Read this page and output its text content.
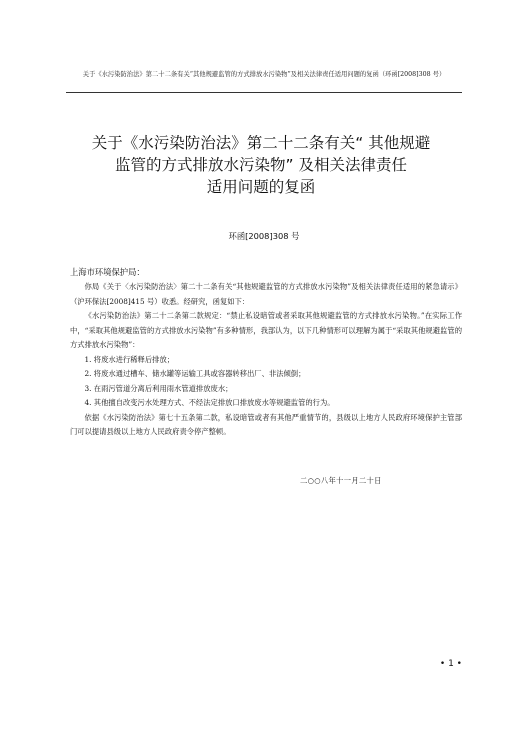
关于《水污染防治法》第二十二条有关“其他规避监管的方式排放水污染物”及相关法律责任适用问题的复函（环函[2008]308 号）
关于《水污染防治法》第二十二条有关“ 其他规避
监管的方式排放水污染物” 及相关法律责任
适用问题的复函
环函[2008]308 号
上海市环境保护局：

你局《关于〈水污染防治法〉第二十二条有关“其他规避监管的方式排放水污染物”及相关法律责任适用的紧急请示》（沪环保法[2008]415 号）收悉。经研究，函复如下：

《水污染防治法》第二十二条第二款规定：“禁止私设暗管或者采取其他规避监管的方式排放水污染物。”在实际工作中，“采取其他规避监管的方式排放水污染物”有多种情形，我部认为，以下几种情形可以理解为属于“采取其他规避监管的方式排放水污染物”：

1. 将废水进行稀释后排放；
2. 将废水通过槽车、储水罐等运输工具或容器转移出厂、非法倾倒；
3. 在雨污管道分离后利用雨水管道排放废水；
4. 其他擅自改变污水处理方式、不经法定排放口排放废水等规避监管的行为。

依据《水污染防治法》第七十五条第二款，私设暗管或者有其他严重情节的，县级以上地方人民政府环境保护主管部门可以提请县级以上地方人民政府责令停产整顿。

二○○八年十一月二十日
• 1 •
